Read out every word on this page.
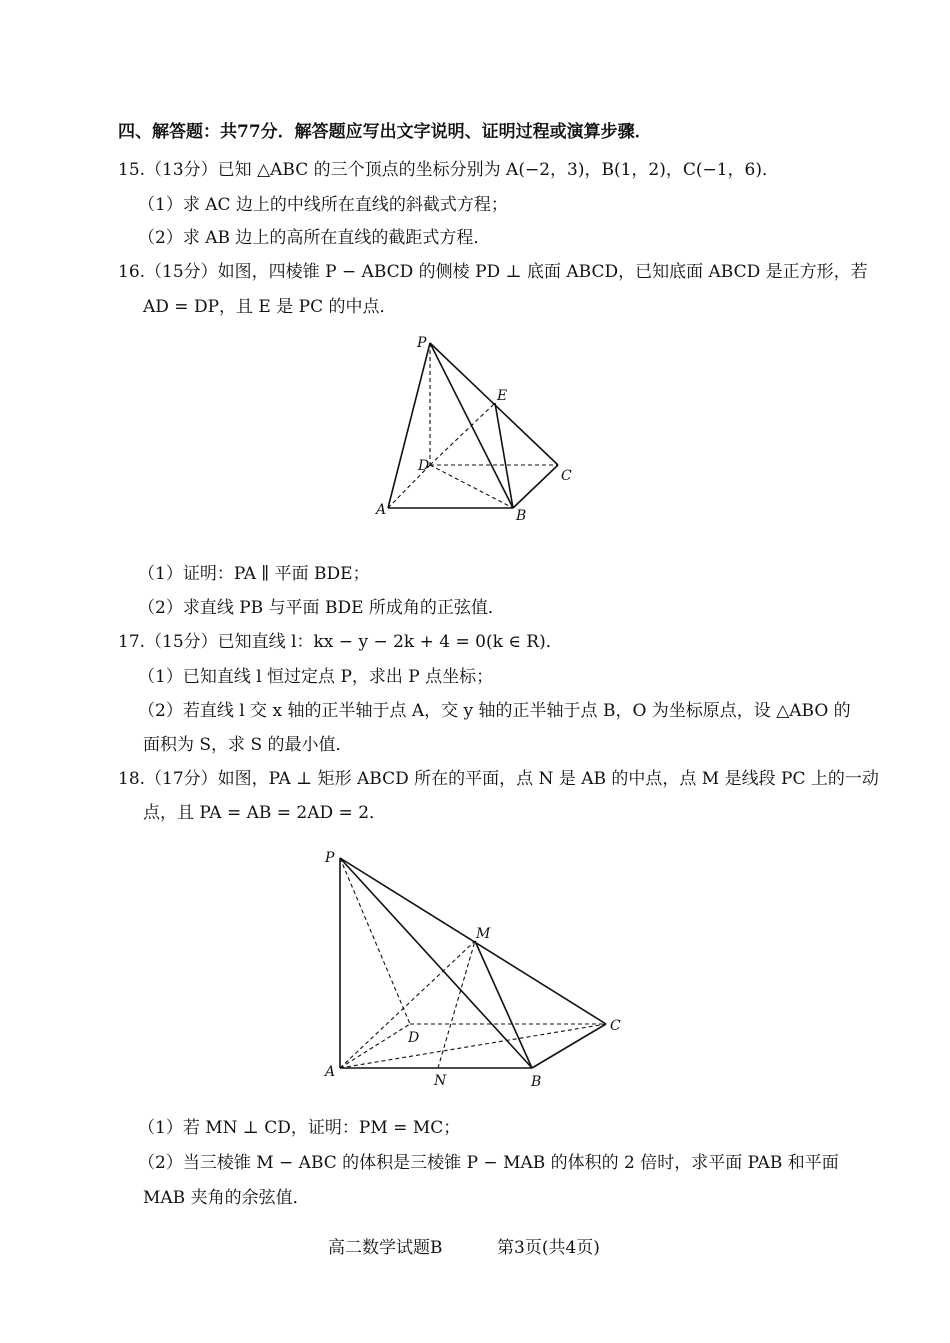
四、解答题：共77分．解答题应写出文字说明、证明过程或演算步骤．
15.（13分）已知 △ABC 的三个顶点的坐标分别为 A(−2，3)，B(1，2)，C(−1，6)．
（1）求 AC 边上的中线所在直线的斜截式方程；
（2）求 AB 边上的高所在直线的截距式方程．
16.（15分）如图，四棱锥 P − ABCD 的侧棱 PD ⊥ 底面 ABCD，已知底面 ABCD 是正方形，若
AD = DP，且 E 是 PC 的中点．
P
E
D
C
A	B
（1）证明：PA ∥ 平面 BDE；
（2）求直线 PB 与平面 BDE 所成角的正弦值．
17.（15分）已知直线 l：kx − y − 2k + 4 = 0(k ∈ R)．
（1）已知直线 l 恒过定点 P，求出 P 点坐标；
（2）若直线 l 交 x 轴的正半轴于点 A，交 y 轴的正半轴于点 B，O 为坐标原点，设 △ABO 的
面积为 S，求 S 的最小值．
18.（17分）如图，PA ⊥ 矩形 ABCD 所在的平面，点 N 是 AB 的中点，点 M 是线段 PC 上的一动
点，且 PA = AB = 2AD = 2．
P
M
D
C
A
N	B
（1）若 MN ⊥ CD，证明：PM = MC；
（2）当三棱锥 M − ABC 的体积是三棱锥 P − MAB 的体积的 2 倍时，求平面 PAB 和平面
MAB 夹角的余弦值．
高二数学试题B	第3页(共4页)
